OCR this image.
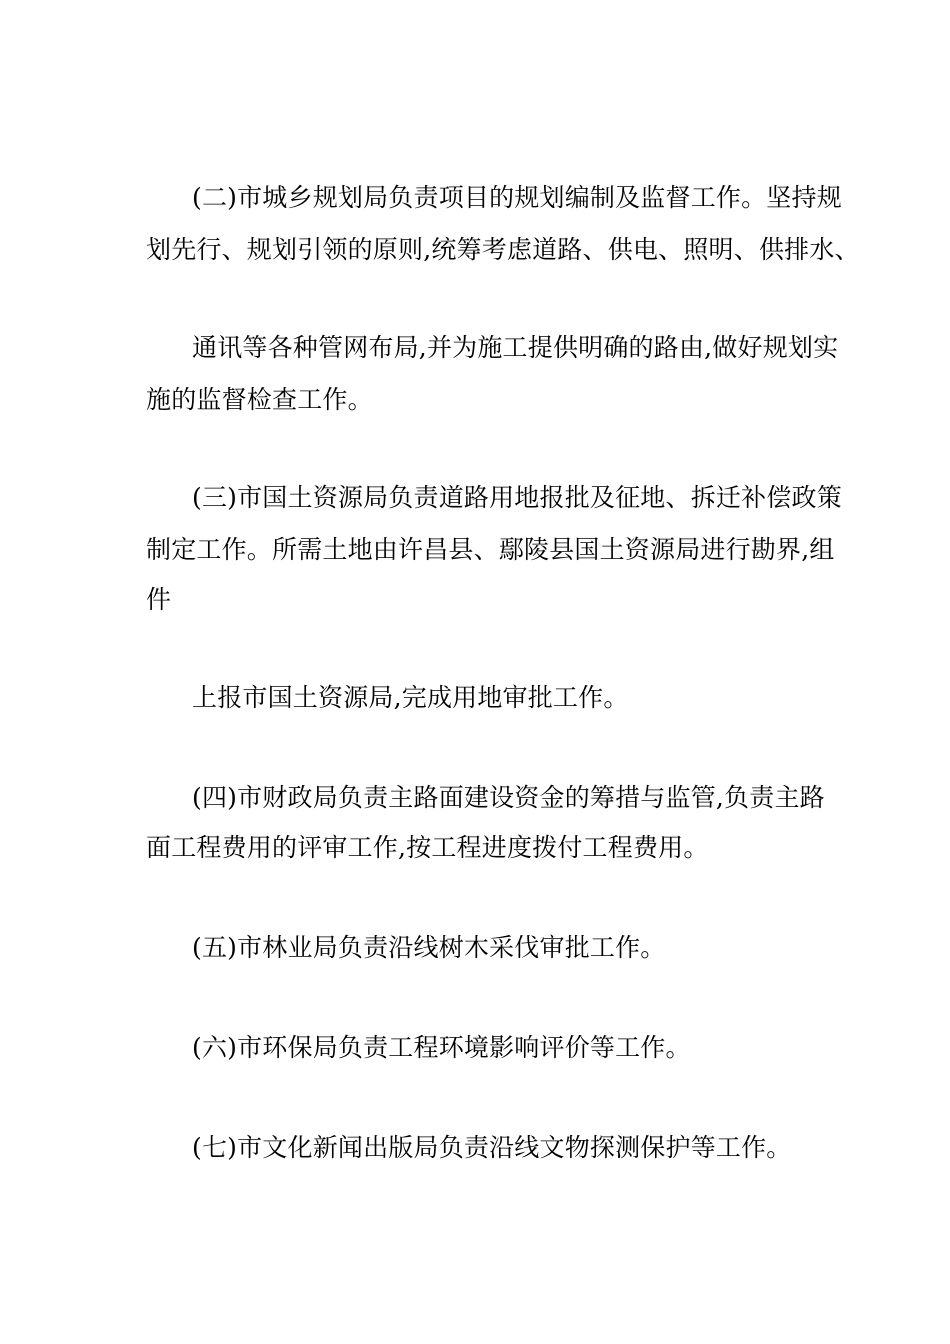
(二)市城乡规划局负责项目的规划编制及监督工作。坚持规
划先行、规划引领的原则,统筹考虑道路、供电、照明、供排水、
通讯等各种管网布局,并为施工提供明确的路由,做好规划实
施的监督检查工作。
(三)市国土资源局负责道路用地报批及征地、拆迁补偿政策
制定工作。所需土地由许昌县、鄢陵县国土资源局进行勘界,组
件
上报市国土资源局,完成用地审批工作。
(四)市财政局负责主路面建设资金的筹措与监管,负责主路
面工程费用的评审工作,按工程进度拨付工程费用。
(五)市林业局负责沿线树木采伐审批工作。
(六)市环保局负责工程环境影响评价等工作。
(七)市文化新闻出版局负责沿线文物探测保护等工作。
